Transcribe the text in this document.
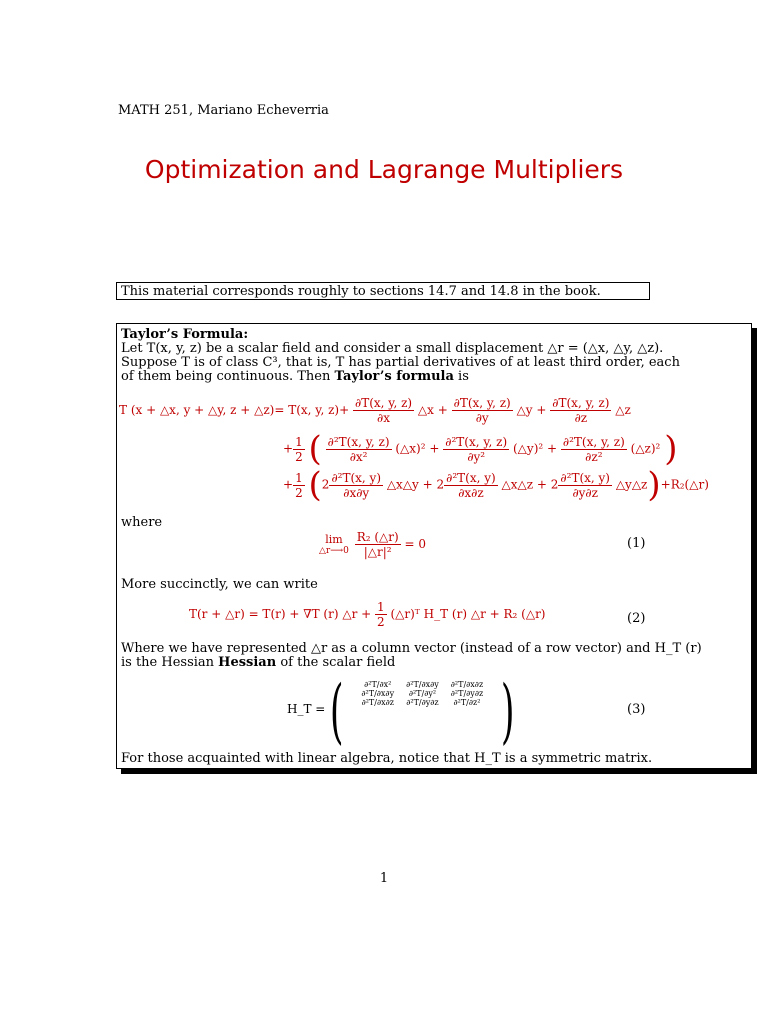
MATH 251, Mariano Echeverria
Optimization and Lagrange Multipliers
This material corresponds roughly to sections 14.7 and 14.8 in the book.
Taylor’s Formula:
Let T(x, y, z) be a scalar field and consider a small displacement △r = (△x, △y, △z).
Suppose T is of class C³, that is, T has partial derivatives of at least third order, each
of them being continuous. Then Taylor’s formula is
T (x + △x, y + △y, z + △z)= T(x, y, $z)+ \frac{\partial T(x, y, z)}{\partial x}$ △x + $\frac{\partial T(x, y, z)}{\partial y}$ △y + $\frac{\partial T(x, y, z)}{\partial z}$ △z
+ $\frac{1}{2}$ ( $\frac{\text{∂²T(x, y, z)}}{\text{∂x²}}$ (△x)² + $\frac{\text{∂²T(x, y, z)}}{\text{∂y²}}$ (△y)² + $\frac{\text{∂²T(x, y, z)}}{\text{∂z²}}$ (△z)² )
+ $\frac{1}{2} (2 \frac{\text{∂²T(x, y)}}{\partial x\partial y}$ △x△y + $2 \frac{\text{∂²T(x, y)}}{\partial x\partial z}$ △x△z + $2 \frac{\text{∂²T(x, y)}}{\partial y\partial z}$ △y△z)+R₂(△r)
where
lim
△r⟶0
$\frac{\text{R₂ (△r)}}{\text{|△r|²}} = 0$	(1)
More succinctly, we can write
T(r + △r) = T(r) + ∇T (r) △r + $\frac{1}{2}$ (△r)ᵀ H_T (r) △r + R₂ (△r)	(2)
Where we have represented △r as a column vector (instead of a row vector) and H_T (r)
is the Hessian Hessian of the scalar field
H_T = (	∂²T/∂x²	∂²T/∂x∂y	∂²T/∂x∂z
∂²T/∂x∂y	∂²T/∂y²	∂²T/∂y∂z
∂²T/∂x∂z	∂²T/∂y∂z	∂²T/∂z² )	(3)
For those acquainted with linear algebra, notice that H_T is a symmetric matrix.
1
